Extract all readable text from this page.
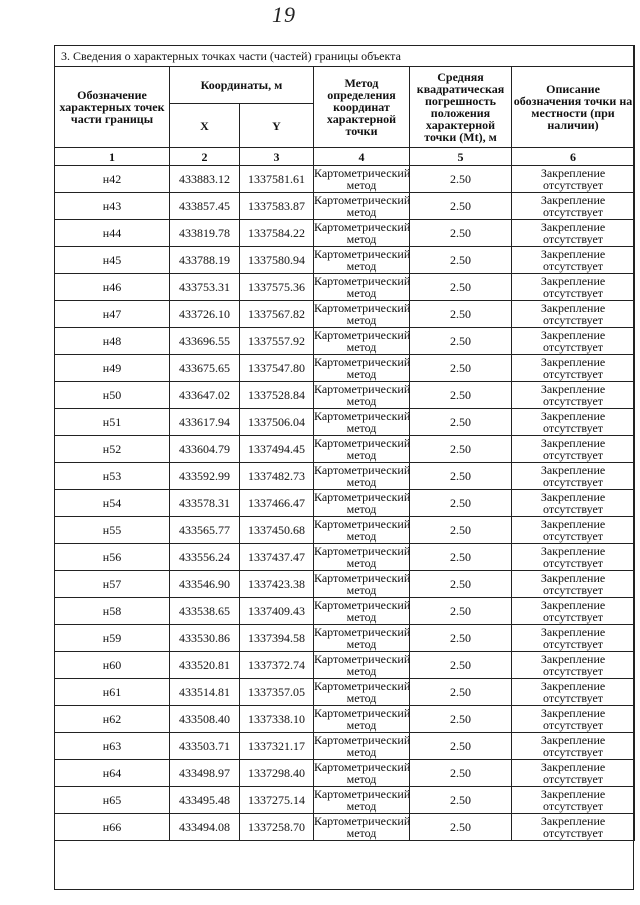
19
3. Сведения о характерных точках части (частей) границы объекта					
Обозначение характерных точек части границы	Координаты, м		Метод определения координат характерной точки	Средняя квадратическая погрешность положения характерной точки (Mt), м	Описание обозначения точки на местности (при наличии)
	X	Y			
1	2	3	4	5	6
н42	433883.12	1337581.61	Картометрический метод	2.50	Закрепление отсутствует
н43	433857.45	1337583.87	Картометрический метод	2.50	Закрепление отсутствует
н44	433819.78	1337584.22	Картометрический метод	2.50	Закрепление отсутствует
н45	433788.19	1337580.94	Картометрический метод	2.50	Закрепление отсутствует
н46	433753.31	1337575.36	Картометрический метод	2.50	Закрепление отсутствует
н47	433726.10	1337567.82	Картометрический метод	2.50	Закрепление отсутствует
н48	433696.55	1337557.92	Картометрический метод	2.50	Закрепление отсутствует
н49	433675.65	1337547.80	Картометрический метод	2.50	Закрепление отсутствует
н50	433647.02	1337528.84	Картометрический метод	2.50	Закрепление отсутствует
н51	433617.94	1337506.04	Картометрический метод	2.50	Закрепление отсутствует
н52	433604.79	1337494.45	Картометрический метод	2.50	Закрепление отсутствует
н53	433592.99	1337482.73	Картометрический метод	2.50	Закрепление отсутствует
н54	433578.31	1337466.47	Картометрический метод	2.50	Закрепление отсутствует
н55	433565.77	1337450.68	Картометрический метод	2.50	Закрепление отсутствует
н56	433556.24	1337437.47	Картометрический метод	2.50	Закрепление отсутствует
н57	433546.90	1337423.38	Картометрический метод	2.50	Закрепление отсутствует
н58	433538.65	1337409.43	Картометрический метод	2.50	Закрепление отсутствует
н59	433530.86	1337394.58	Картометрический метод	2.50	Закрепление отсутствует
н60	433520.81	1337372.74	Картометрический метод	2.50	Закрепление отсутствует
н61	433514.81	1337357.05	Картометрический метод	2.50	Закрепление отсутствует
н62	433508.40	1337338.10	Картометрический метод	2.50	Закрепление отсутствует
н63	433503.71	1337321.17	Картометрический метод	2.50	Закрепление отсутствует
н64	433498.97	1337298.40	Картометрический метод	2.50	Закрепление отсутствует
н65	433495.48	1337275.14	Картометрический метод	2.50	Закрепление отсутствует
н66	433494.08	1337258.70	Картометрический метод	2.50	Закрепление отсутствует
